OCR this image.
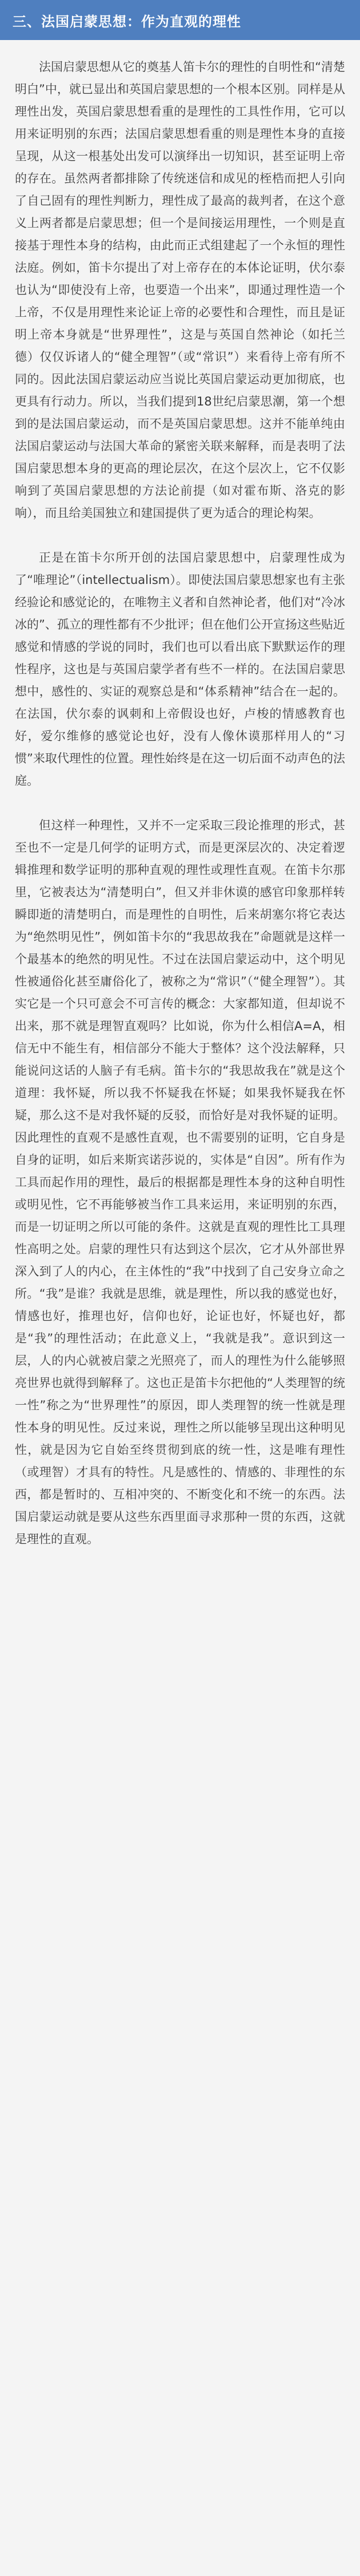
三、法国启蒙思想：作为直观的理性

法国启蒙思想从它的奠基人笛卡尔的理性的自明性和“清楚明白”中，就已显出和英国启蒙思想的一个根本区别。同样是从理性出发，英国启蒙思想看重的是理性的工具性作用，它可以用来证明别的东西；法国启蒙思想看重的则是理性本身的直接呈现，从这一根基处出发可以演绎出一切知识，甚至证明上帝的存在。虽然两者都排除了传统迷信和成见的桎梏而把人引向了自己固有的理性判断力，理性成了最高的裁判者，在这个意义上两者都是启蒙思想；但一个是间接运用理性，一个则是直接基于理性本身的结构，由此而正式组建起了一个永恒的理性法庭。例如，笛卡尔提出了对上帝存在的本体论证明，伏尔泰也认为“即使没有上帝，也要造一个出来”，即通过理性造一个上帝，不仅是用理性来论证上帝的必要性和合理性，而且是证明上帝本身就是“世界理性”，这是与英国自然神论（如托兰德）仅仅诉诸人的“健全理智”（或“常识”）来看待上帝有所不同的。因此法国启蒙运动应当说比英国启蒙运动更加彻底，也更具有行动力。所以，当我们提到18世纪启蒙思潮，第一个想到的是法国启蒙运动，而不是英国启蒙思想。这并不能单纯由法国启蒙运动与法国大革命的紧密关联来解释，而是表明了法国启蒙思想本身的更高的理论层次，在这个层次上，它不仅影响到了英国启蒙思想的方法论前提（如对霍布斯、洛克的影响），而且给美国独立和建国提供了更为适合的理论构架。

正是在笛卡尔所开创的法国启蒙思想中，启蒙理性成为了“唯理论”（intellectualism）。即使法国启蒙思想家也有主张经验论和感觉论的，在唯物主义者和自然神论者，他们对“冷冰冰的”、孤立的理性都有不少批评；但在他们公开宣扬这些贴近感觉和情感的学说的同时，我们也可以看出底下默默运作的理性程序，这也是与英国启蒙学者有些不一样的。在法国启蒙思想中，感性的、实证的观察总是和“体系精神”结合在一起的。在法国，伏尔泰的讽刺和上帝假设也好，卢梭的情感教育也好，爱尔维修的感觉论也好，没有人像休谟那样用人的“习惯”来取代理性的位置。理性始终是在这一切后面不动声色的法庭。

但这样一种理性，又并不一定采取三段论推理的形式，甚至也不一定是几何学的证明方式，而是更深层次的、决定着逻辑推理和数学证明的那种直观的理性或理性直观。在笛卡尔那里，它被表达为“清楚明白”，但又并非休谟的感官印象那样转瞬即逝的清楚明白，而是理性的自明性，后来胡塞尔将它表达为“绝然明见性”，例如笛卡尔的“我思故我在”命题就是这样一个最基本的绝然的明见性。不过在法国启蒙运动中，这个明见性被通俗化甚至庸俗化了，被称之为“常识”（“健全理智”）。其实它是一个只可意会不可言传的概念：大家都知道，但却说不出来，那不就是理智直观吗？比如说，你为什么相信A=A，相信无中不能生有，相信部分不能大于整体？这个没法解释，只能说问这话的人脑子有毛病。笛卡尔的“我思故我在”就是这个道理：我怀疑，所以我不怀疑我在怀疑；如果我怀疑我在怀疑，那么这不是对我怀疑的反驳，而恰好是对我怀疑的证明。因此理性的直观不是感性直观，也不需要别的证明，它自身是自身的证明，如后来斯宾诺莎说的，实体是“自因”。所有作为工具而起作用的理性，最后的根据都是理性本身的这种自明性或明见性，它不再能够被当作工具来运用，来证明别的东西，而是一切证明之所以可能的条件。这就是直观的理性比工具理性高明之处。启蒙的理性只有达到这个层次，它才从外部世界深入到了人的内心，在主体性的“我”中找到了自己安身立命之所。“我”是谁？我就是思维，就是理性，所以我的感觉也好，情感也好，推理也好，信仰也好，论证也好，怀疑也好，都是“我”的理性活动；在此意义上，“我就是我”。意识到这一层，人的内心就被启蒙之光照亮了，而人的理性为什么能够照亮世界也就得到解释了。这也正是笛卡尔把他的“人类理智的统一性”称之为“世界理性”的原因，即人类理智的统一性就是理性本身的明见性。反过来说，理性之所以能够呈现出这种明见性，就是因为它自始至终贯彻到底的统一性，这是唯有理性（或理智）才具有的特性。凡是感性的、情感的、非理性的东西，都是暂时的、互相冲突的、不断变化和不统一的东西。法国启蒙运动就是要从这些东西里面寻求那种一贯的东西，这就是理性的直观。
